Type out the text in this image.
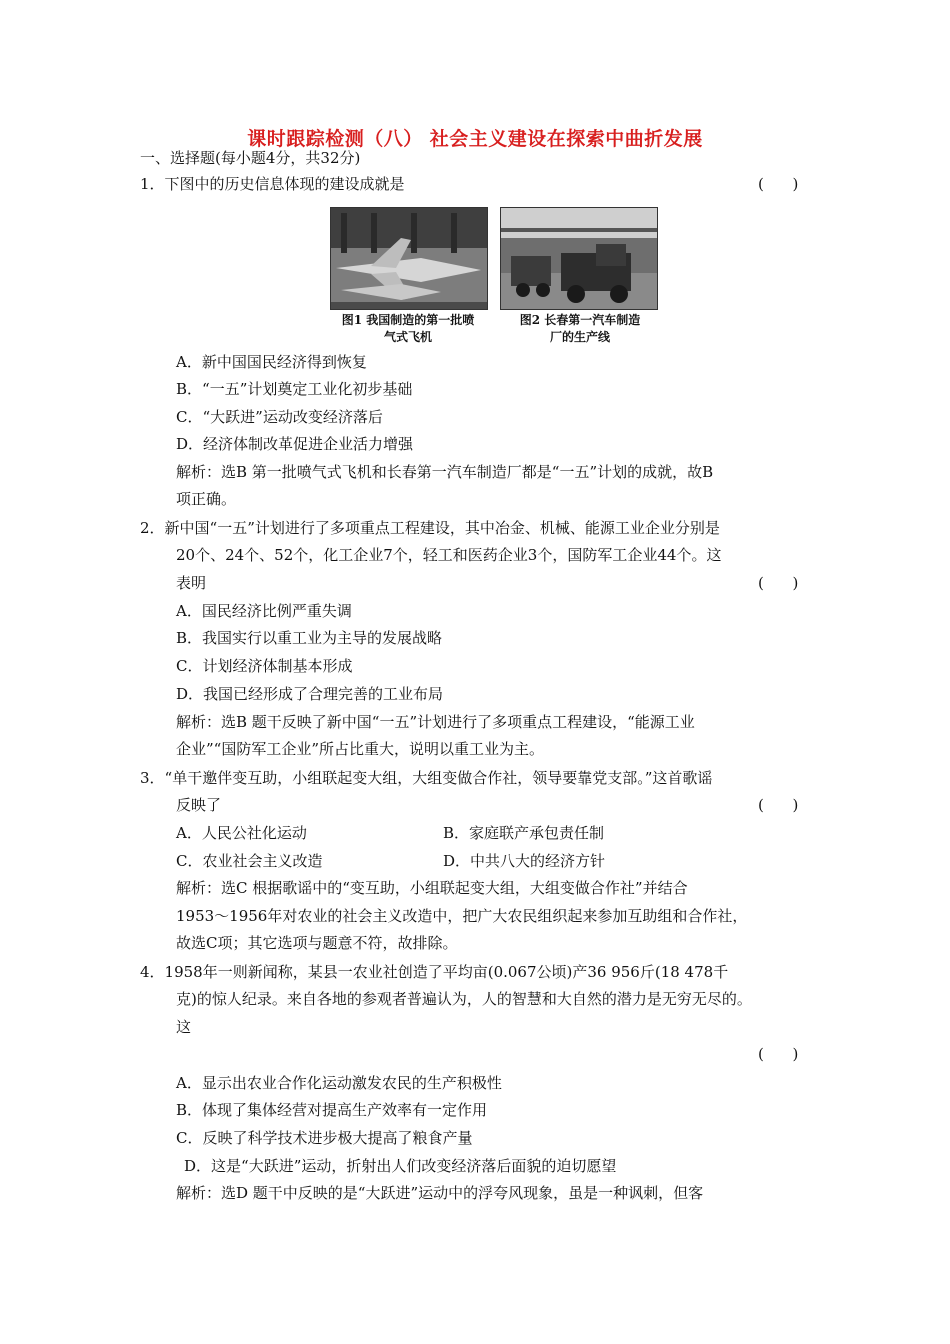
课时跟踪检测（八） 社会主义建设在探索中曲折发展
一、选择题(每小题4分，共32分)
1．下图中的历史信息体现的建设成就是	(      )
图1 我国制造的第一批喷
气式飞机
图2 长春第一汽车制造
厂的生产线
A．新中国国民经济得到恢复
B．“一五”计划奠定工业化初步基础
C．“大跃进”运动改变经济落后
D．经济体制改革促进企业活力增强
解析：选B 第一批喷气式飞机和长春第一汽车制造厂都是“一五”计划的成就，故B
项正确。
2．新中国“一五”计划进行了多项重点工程建设，其中冶金、机械、能源工业企业分别是
20个、24个、52个，化工企业7个，轻工和医药企业3个，国防军工企业44个。这
表明	(      )
A．国民经济比例严重失调
B．我国实行以重工业为主导的发展战略
C．计划经济体制基本形成
D．我国已经形成了合理完善的工业布局
解析：选B 题干反映了新中国“一五”计划进行了多项重点工程建设，“能源工业
企业”“国防军工企业”所占比重大，说明以重工业为主。
3．“单干邀伴变互助，小组联起变大组，大组变做合作社，领导要靠党支部。”这首歌谣
反映了	(      )
A．人民公社化运动	B．家庭联产承包责任制
C．农业社会主义改造	D．中共八大的经济方针
解析：选C 根据歌谣中的“变互助，小组联起变大组，大组变做合作社”并结合
1953～1956年对农业的社会主义改造中，把广大农民组织起来参加互助组和合作社，
故选C项；其它选项与题意不符，故排除。
4．1958年一则新闻称，某县一农业社创造了平均亩(0.067公顷)产36 956斤(18 478千
克)的惊人纪录。来自各地的参观者普遍认为，人的智慧和大自然的潜力是无穷无尽的。
这
(      )
A．显示出农业合作化运动激发农民的生产积极性
B．体现了集体经营对提高生产效率有一定作用
C．反映了科学技术进步极大提高了粮食产量
D．这是“大跃进”运动，折射出人们改变经济落后面貌的迫切愿望
解析：选D 题干中反映的是“大跃进”运动中的浮夸风现象，虽是一种讽刺，但客
